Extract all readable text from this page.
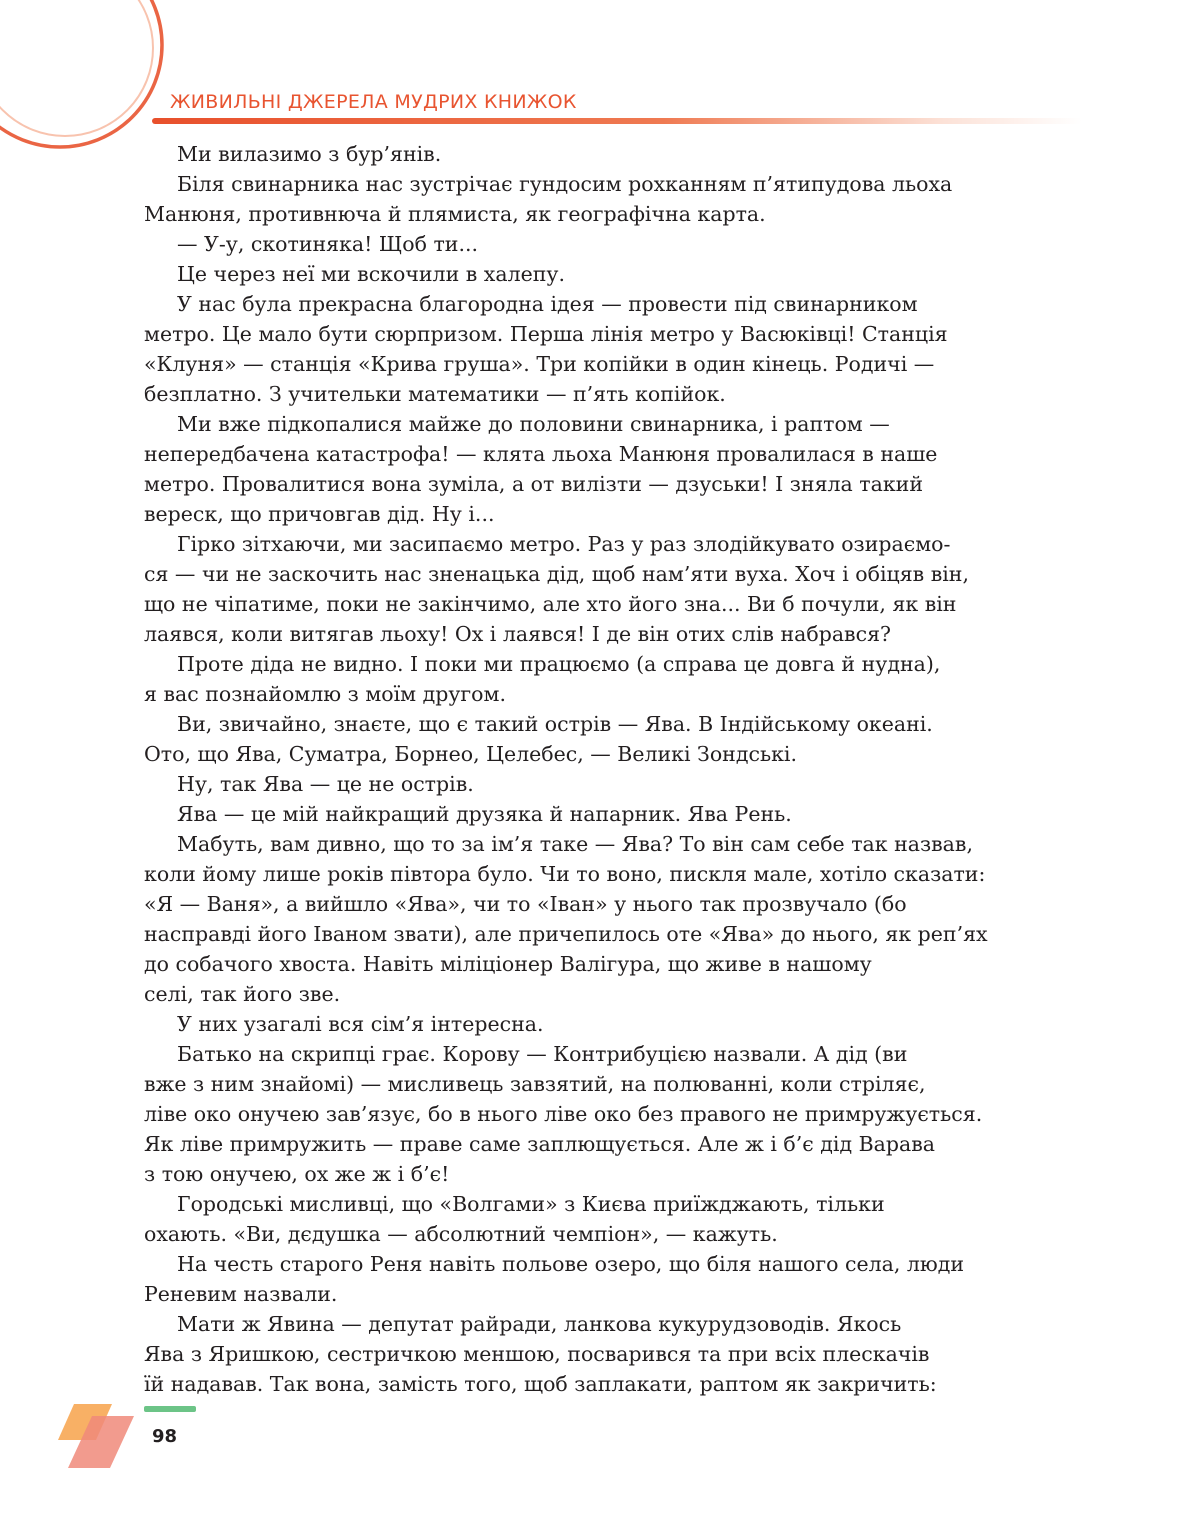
ЖИВИЛЬНІ ДЖЕРЕЛА МУДРИХ КНИЖОК

Ми вилазимо з бур’янів.

Біля свинарника нас зустрічає гундосим рохканням п’ятипудова льоха
Манюня, противнюча й плямиста, як географічна карта.

— У-у, скотиняка! Щоб ти...

Це через неї ми вскочили в халепу.

У нас була прекрасна благородна ідея — провести під свинарником
метро. Це мало бути сюрпризом. Перша лінія метро у Васюківці! Станція
«Клуня» — станція «Крива груша». Три копійки в один кінець. Родичі —
безплатно. З учительки математики — п’ять копійок.

Ми вже підкопалися майже до половини свинарника, і раптом —
непередбачена катастрофа! — клята льоха Манюня провалилася в наше
метро. Провалитися вона зуміла, а от вилізти — дзуськи! І зняла такий
вереск, що причовгав дід. Ну і...

Гірко зітхаючи, ми засипаємо метро. Раз у раз злодійкувато озираємо-
ся — чи не заскочить нас зненацька дід, щоб нам’яти вуха. Хоч і обіцяв він,
що не чіпатиме, поки не закінчимо, але хто його зна... Ви б почули, як він
лаявся, коли витягав льоху! Ох і лаявся! І де він отих слів набрався?

Проте діда не видно. І поки ми працюємо (а справа це довга й нудна),
я вас познайомлю з моїм другом.

Ви, звичайно, знаєте, що є такий острів — Ява. В Індійському океані.
Ото, що Ява, Суматра, Борнео, Целебес, — Великі Зондські.

Ну, так Ява — це не острів.

Ява — це мій найкращий друзяка й напарник. Ява Рень.

Мабуть, вам дивно, що то за ім’я таке — Ява? То він сам себе так назвав,
коли йому лише років півтора було. Чи то воно, пискля мале, хотіло сказати:
«Я — Ваня», а вийшло «Ява», чи то «Іван» у нього так прозвучало (бо
насправді його Іваном звати), але причепилось оте «Ява» до нього, як реп’ях
до собачого хвоста. Навіть міліціонер Валігура, що живе в нашому
селі, так його зве.

У них узагалі вся сім’я інтересна.

Батько на скрипці грає. Корову — Контрибуцією назвали. А дід (ви
вже з ним знайомі) — мисливець завзятий, на полюванні, коли стріляє,
ліве око онучею зав’язує, бо в нього ліве око без правого не примружується.
Як ліве примружить — праве саме заплющується. Але ж і б’є дід Варава
з тою онучею, ох же ж і б’є!

Городські мисливці, що «Волгами» з Києва приїжджають, тільки
охають. «Ви, дєдушка — абсолютний чемпіон», — кажуть.

На честь старого Реня навіть польове озеро, що біля нашого села, люди
Реневим назвали.

Мати ж Явина — депутат райради, ланкова кукурудзоводів. Якось
Ява з Яришкою, сестричкою меншою, посварився та при всіх плескачів
їй надавав. Так вона, замість того, щоб заплакати, раптом як закричить:

98
